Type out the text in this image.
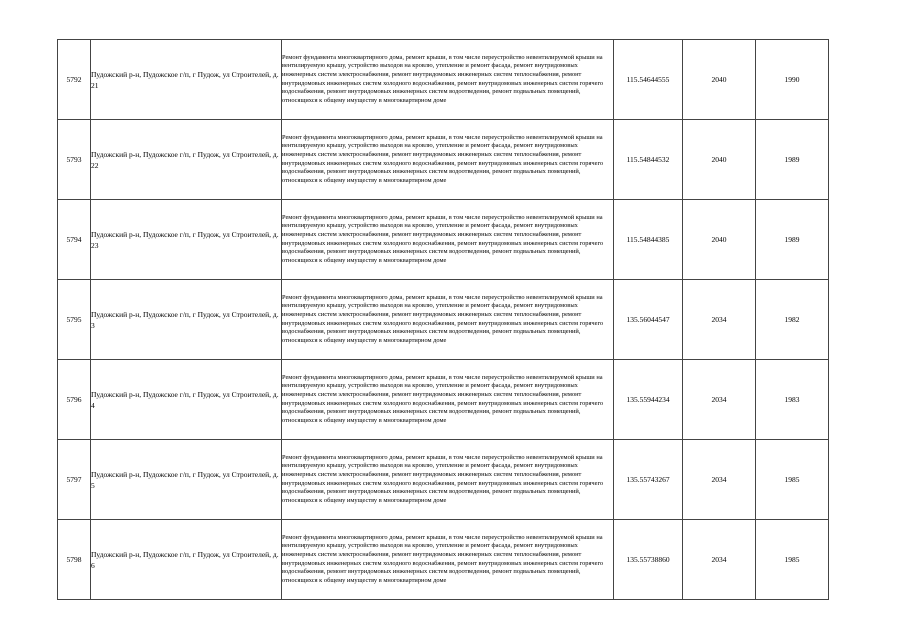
5792	Пудожский р-н, Пудожское г/п, г Пудож, ул Строителей, д. 21	Ремонт фундамента многоквартирного дома, ремонт крыши, в том числе переустройство невентилируемой крыши на вентилируемую крышу, устройство выходов на кровлю, утепление и ремонт фасада, ремонт внутридомовых инженерных систем электроснабжения, ремонт внутридомовых инженерных систем теплоснабжения, ремонт внутридомовых инженерных систем холодного водоснабжения, ремонт внутридомовых инженерных систем горячего водоснабжения, ремонт внутридомовых инженерных систем водоотведения, ремонт подвальных помещений, относящихся к общему имуществу в многоквартирном доме	115.54644555	2040	1990
5793	Пудожский р-н, Пудожское г/п, г Пудож, ул Строителей, д. 22	Ремонт фундамента многоквартирного дома, ремонт крыши, в том числе переустройство невентилируемой крыши на вентилируемую крышу, устройство выходов на кровлю, утепление и ремонт фасада, ремонт внутридомовых инженерных систем электроснабжения, ремонт внутридомовых инженерных систем теплоснабжения, ремонт внутридомовых инженерных систем холодного водоснабжения, ремонт внутридомовых инженерных систем горячего водоснабжения, ремонт внутридомовых инженерных систем водоотведения, ремонт подвальных помещений, относящихся к общему имуществу в многоквартирном доме	115.54844532	2040	1989
5794	Пудожский р-н, Пудожское г/п, г Пудож, ул Строителей, д. 23	Ремонт фундамента многоквартирного дома, ремонт крыши, в том числе переустройство невентилируемой крыши на вентилируемую крышу, устройство выходов на кровлю, утепление и ремонт фасада, ремонт внутридомовых инженерных систем электроснабжения, ремонт внутридомовых инженерных систем теплоснабжения, ремонт внутридомовых инженерных систем холодного водоснабжения, ремонт внутридомовых инженерных систем горячего водоснабжения, ремонт внутридомовых инженерных систем водоотведения, ремонт подвальных помещений, относящихся к общему имуществу в многоквартирном доме	115.54844385	2040	1989
5795	Пудожский р-н, Пудожское г/п, г Пудож, ул Строителей, д. 3	Ремонт фундамента многоквартирного дома, ремонт крыши, в том числе переустройство невентилируемой крыши на вентилируемую крышу, устройство выходов на кровлю, утепление и ремонт фасада, ремонт внутридомовых инженерных систем электроснабжения, ремонт внутридомовых инженерных систем теплоснабжения, ремонт внутридомовых инженерных систем холодного водоснабжения, ремонт внутридомовых инженерных систем горячего водоснабжения, ремонт внутридомовых инженерных систем водоотведения, ремонт подвальных помещений, относящихся к общему имуществу в многоквартирном доме	135.56044547	2034	1982
5796	Пудожский р-н, Пудожское г/п, г Пудож, ул Строителей, д. 4	Ремонт фундамента многоквартирного дома, ремонт крыши, в том числе переустройство невентилируемой крыши на вентилируемую крышу, устройство выходов на кровлю, утепление и ремонт фасада, ремонт внутридомовых инженерных систем электроснабжения, ремонт внутридомовых инженерных систем теплоснабжения, ремонт внутридомовых инженерных систем холодного водоснабжения, ремонт внутридомовых инженерных систем горячего водоснабжения, ремонт внутридомовых инженерных систем водоотведения, ремонт подвальных помещений, относящихся к общему имуществу в многоквартирном доме	135.55944234	2034	1983
5797	Пудожский р-н, Пудожское г/п, г Пудож, ул Строителей, д. 5	Ремонт фундамента многоквартирного дома, ремонт крыши, в том числе переустройство невентилируемой крыши на вентилируемую крышу, устройство выходов на кровлю, утепление и ремонт фасада, ремонт внутридомовых инженерных систем электроснабжения, ремонт внутридомовых инженерных систем теплоснабжения, ремонт внутридомовых инженерных систем холодного водоснабжения, ремонт внутридомовых инженерных систем горячего водоснабжения, ремонт внутридомовых инженерных систем водоотведения, ремонт подвальных помещений, относящихся к общему имуществу в многоквартирном доме	135.55743267	2034	1985
5798	Пудожский р-н, Пудожское г/п, г Пудож, ул Строителей, д. 6	Ремонт фундамента многоквартирного дома, ремонт крыши, в том числе переустройство невентилируемой крыши на вентилируемую крышу, устройство выходов на кровлю, утепление и ремонт фасада, ремонт внутридомовых инженерных систем электроснабжения, ремонт внутридомовых инженерных систем теплоснабжения, ремонт внутридомовых инженерных систем холодного водоснабжения, ремонт внутридомовых инженерных систем горячего водоснабжения, ремонт внутридомовых инженерных систем водоотведения, ремонт подвальных помещений, относящихся к общему имуществу в многоквартирном доме	135.55738860	2034	1985
